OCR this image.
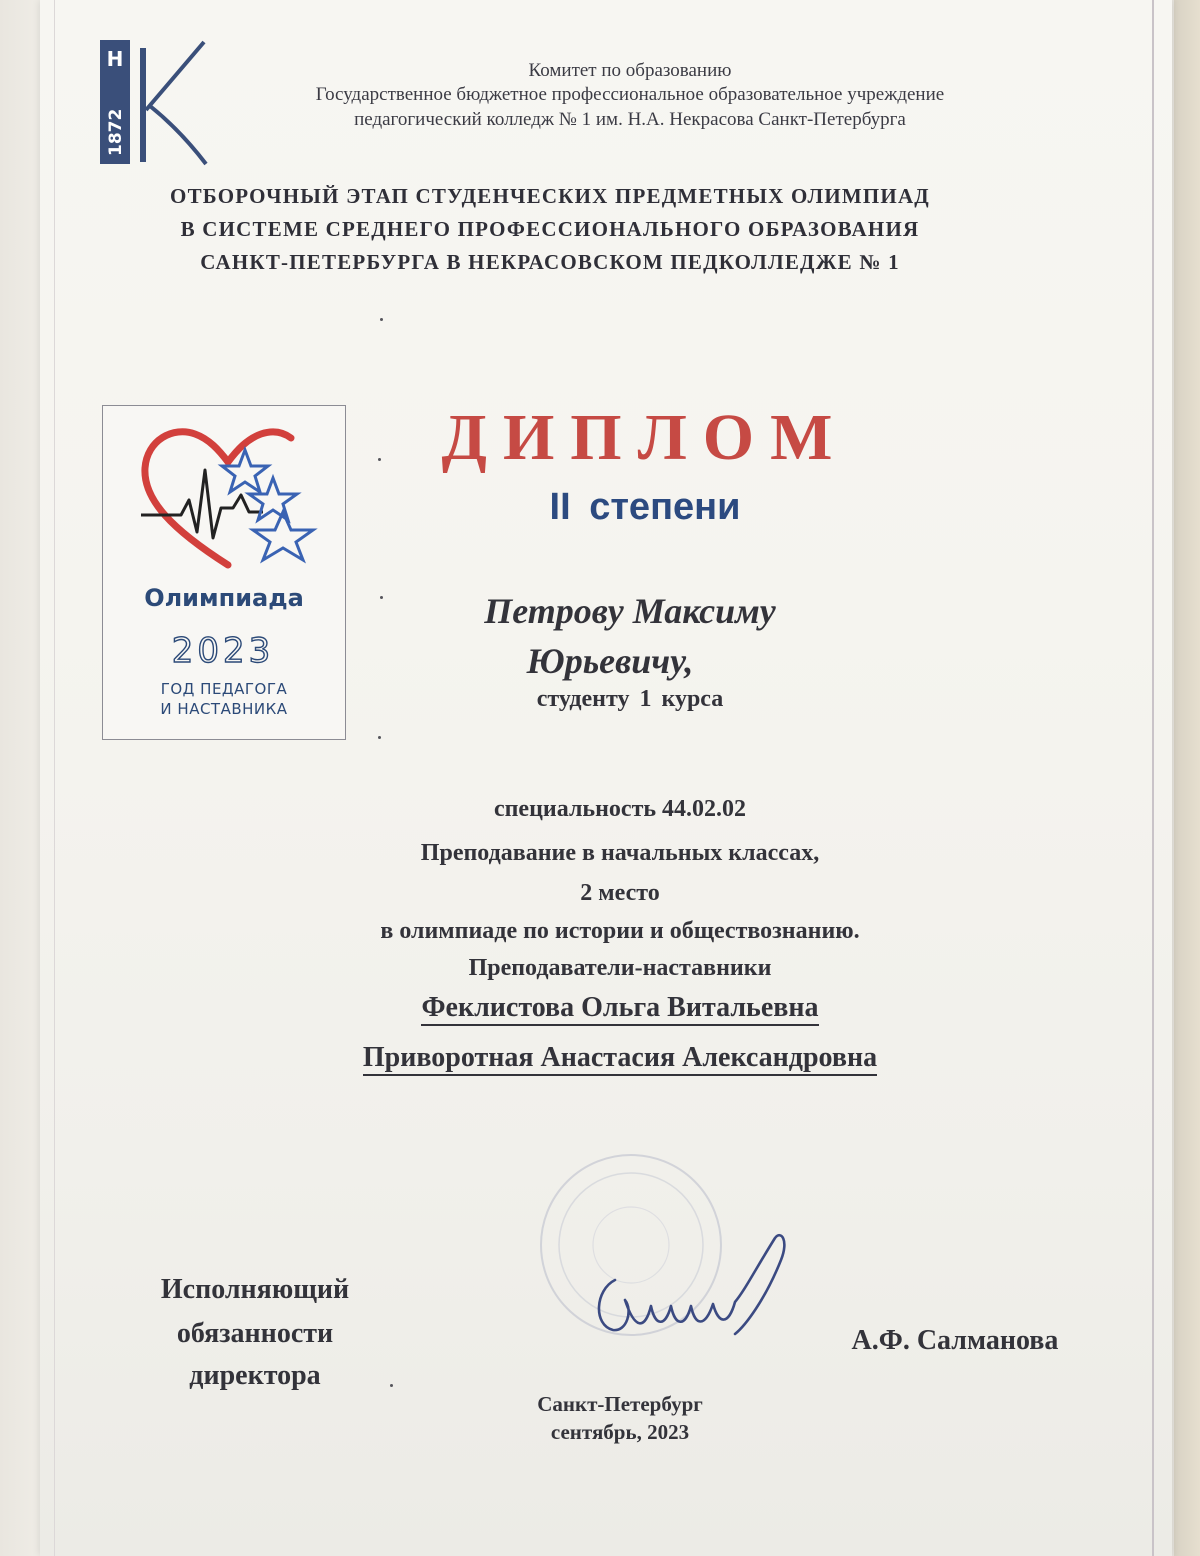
Н
1872
Комитет по образованию
Государственное бюджетное профессиональное образовательное учреждение
педагогический колледж № 1 им. Н.А. Некрасова Санкт-Петербурга
ОТБОРОЧНЫЙ ЭТАП СТУДЕНЧЕСКИХ ПРЕДМЕТНЫХ ОЛИМПИАД
В СИСТЕМЕ СРЕДНЕГО ПРОФЕССИОНАЛЬНОГО ОБРАЗОВАНИЯ
САНКТ-ПЕТЕРБУРГА В НЕКРАСОВСКОМ ПЕДКОЛЛЕДЖЕ № 1
Олимпиада
2023
ГОД ПЕДАГОГА
И НАСТАВНИКА
ДИПЛОМ
II степени
Петрову Максиму
Юрьевичу,
студенту 1 курса
специальность 44.02.02
Преподавание в начальных классах,
2 место
в олимпиаде по истории и обществознанию.
Преподаватели-наставники
Феклистова Ольга Витальевна
Приворотная Анастасия Александровна
Исполняющий
обязанности
директора
А.Ф. Салманова
Санкт-Петербург
сентябрь, 2023
